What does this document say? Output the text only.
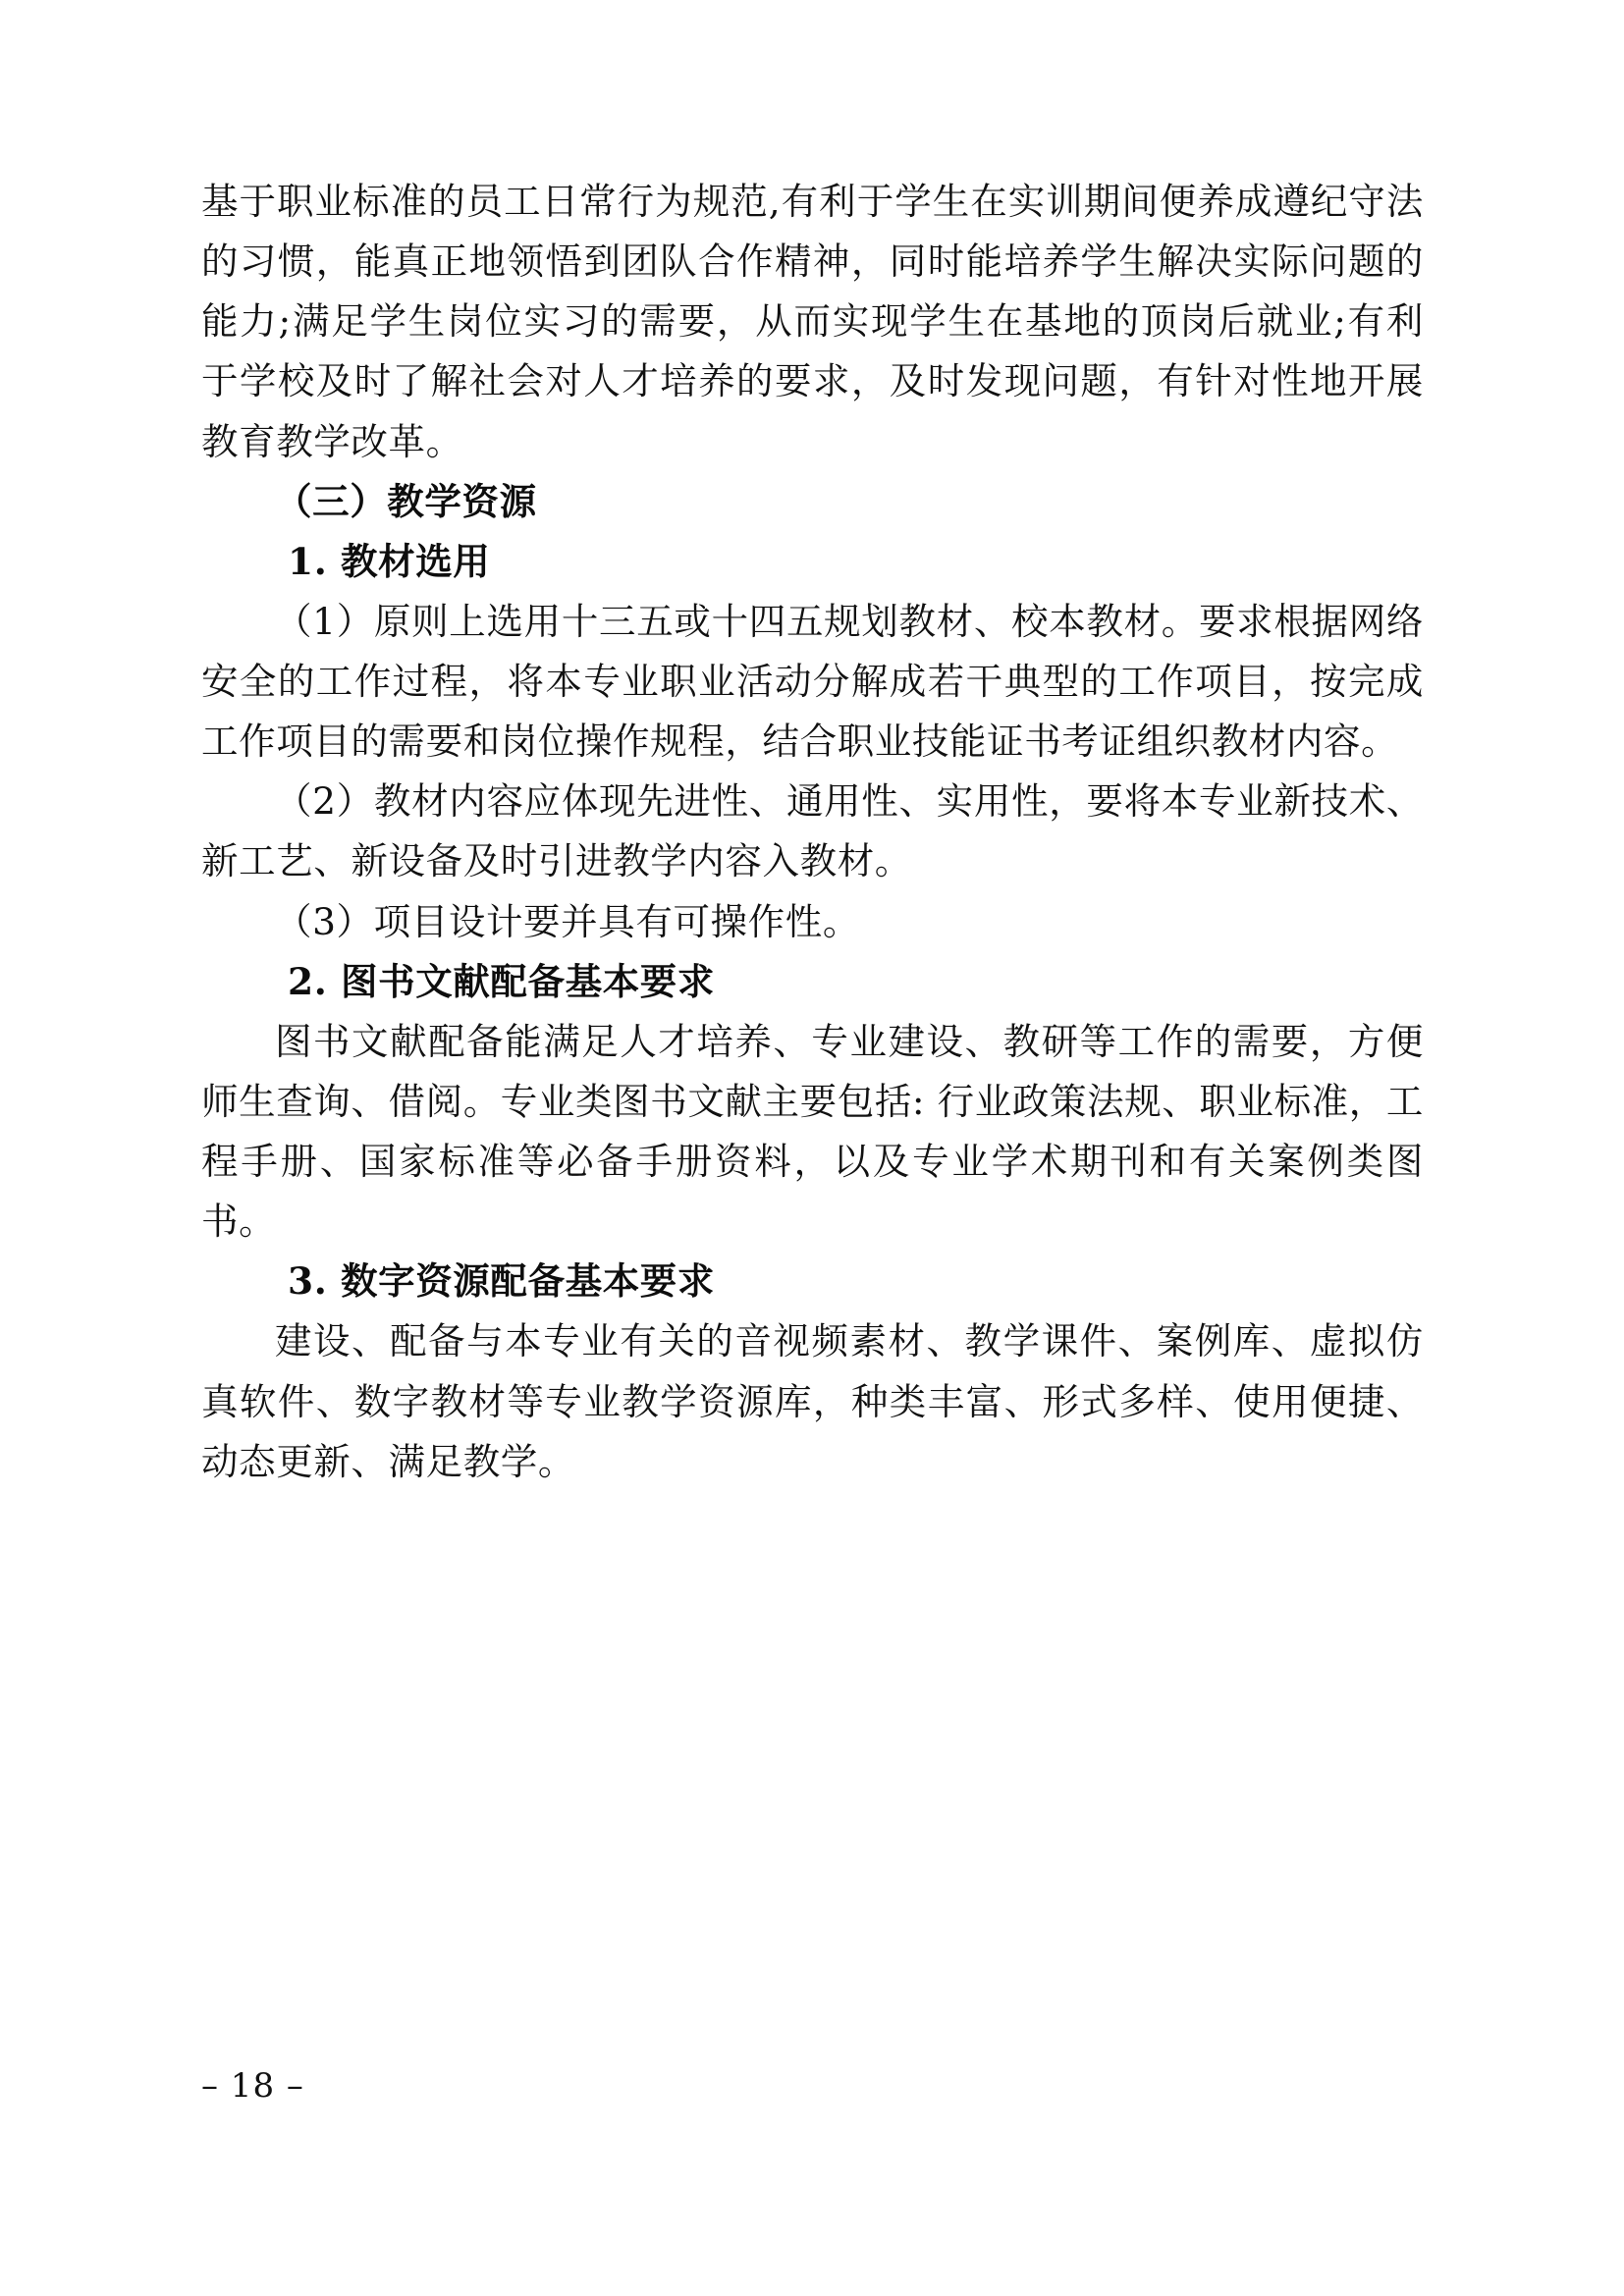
基于职业标准的员工日常行为规范,有利于学生在实训期间便养成遵纪守法的习惯，能真正地领悟到团队合作精神，同时能培养学生解决实际问题的能力;满足学生岗位实习的需要，从而实现学生在基地的顶岗后就业;有利于学校及时了解社会对人才培养的要求，及时发现问题，有针对性地开展教育教学改革。

（三）教学资源
1. 教材选用

（1）原则上选用十三五或十四五规划教材、校本教材。要求根据网络安全的工作过程，将本专业职业活动分解成若干典型的工作项目，按完成工作项目的需要和岗位操作规程，结合职业技能证书考证组织教材内容。

（2）教材内容应体现先进性、通用性、实用性，要将本专业新技术、新工艺、新设备及时引进教学内容入教材。

（3）项目设计要并具有可操作性。

2. 图书文献配备基本要求

图书文献配备能满足人才培养、专业建设、教研等工作的需要，方便师生查询、借阅。专业类图书文献主要包括: 行业政策法规、职业标准，工程手册、国家标准等必备手册资料，以及专业学术期刊和有关案例类图书。

3. 数字资源配备基本要求

建设、配备与本专业有关的音视频素材、教学课件、案例库、虚拟仿真软件、数字教材等专业教学资源库，种类丰富、形式多样、使用便捷、动态更新、满足教学。

– 18 –
